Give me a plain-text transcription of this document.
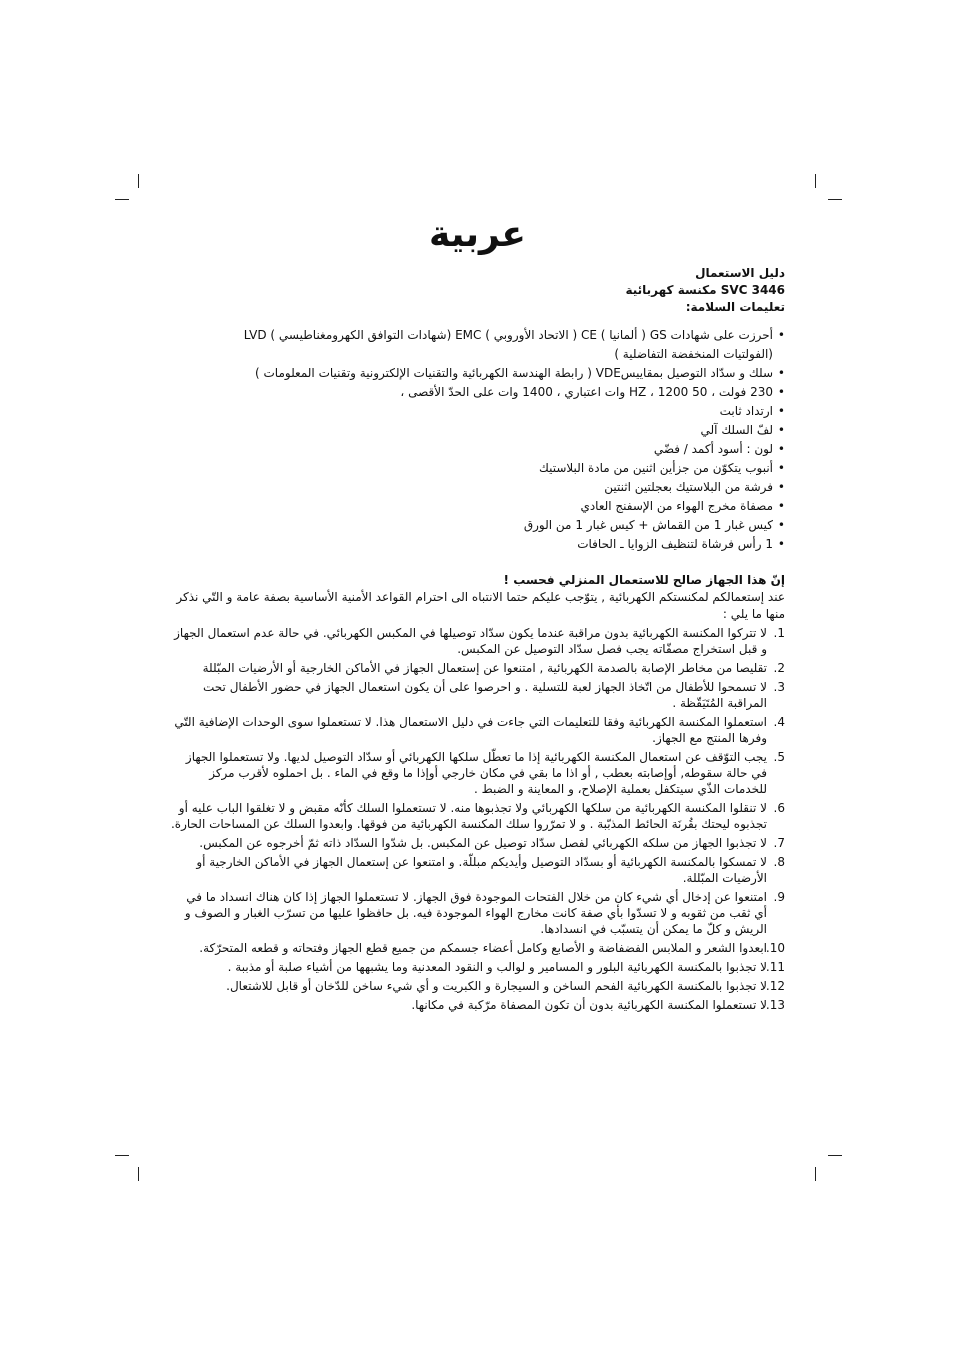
عربية

دليل الاستعمال

SVC 3446 مكنسة كهربائية

تعليمات السلامة:

• أحرزت على شهادات GS ( ألمانيا ) CE ( الاتحاد الأوروبي ) EMC (شهادات التوافق الكهرومغناطيسي ) LVD
(الفولتيات المنخفضة التفاضلية )
• سلك و سدّاد التوصيل بمقاييسVDE ( رابطة الهندسة الكهربائية والتقنيات الإلكترونية وتقنيات المعلومات )
• 230 فولت ، 50 HZ ، 1200 وات اعتباري ، 1400 وات على الحدّ الأقصى ،
• ارتداد ثابت
• لفّ السلك آلي
• لون : أسود أكمد / فضّي
• أنبوب يتكوّن من جزأين اثنين من مادة البلاستيك
• فرشة من البلاستيك بعجلتين اثنتين
• مصفاة مخرج الهواء من الإسفنج العادي
• كيس غبار 1 من القماش + كيس غبار 1 من الورق
• 1 رأس فرشاة لتنظيف الزوايا ـ الحافات

إنّ هذا الجهاز صالح للاستعمال المنزلي فحسب !

عند إستعمالكم لمكنستكم الكهربائية , يتوّجب عليكم حتما الانتباه الى احترام القواعد الأمنية الأساسية بصفة عامة و التّي نذكر منها ما يلي :

1.
لا تتركوا المكنسة الكهربائية بدون مراقبة عندما يكون سدّاد توصيلها في المكبس الكهربائي. في حالة عدم استعمال الجهاز و قبل استخراج مصفّاته يجب فصل سدّاد التوصيل عن المكبس.
2.
تقليصا من مخاطر الإصابة بالصدمة الكهربائية , امتنعوا عن إستعمال الجهاز في الأماكن الخارجية أو الأرضيات المبّللة
3.
لا تسمحوا للأطفال من اتّخاذ الجهاز لعبة للتسلية . و احرصوا على أن يكون استعمال الجهاز في حضور الأطفال تحت المراقبة المُتَيَقّظة .
4.
استعملوا المكنسة الكهربائية وفقا للتعليمات التي جاءت في دليل الاستعمال هذا. لا تستعملوا سوى الوحدات الإضافية التّي وفرها المنتج مع الجهاز.
5.
يجب التوّقف عن استعمال المكنسة الكهربائية إذا ما تعطّل سلكها الكهربائي أو سدّاد التوصيل لديها. ولا تستعملوا الجهاز في حالة سقوطه, أوإصابته بعطب , أو اذا ما بقي في مكان خارجي أوإذا ما وقع في الماء . بل احملوه لأقرب مركز للخدمات الذّي سيتكفل بعملية الإصلاح، و المعاينة و الضبط .
6.
لا تنقلوا المكنسة الكهربائية من سلكها الكهربائي ولا تجذبوها منه. لا تستعملوا السلك كأنّه مقبض و لا تغلقوا الباب عليه أو تجذبوه ليحتك بقُرنَة الحائط المذبّبة . و لا تمرّروا سلك المكنسة الكهربائية من فوقها. وابعدوا السلك عن المساحات الحارة.
7.
لا تجذبوا الجهاز من سلكه الكهربائي لفصل سدّاد توصيل عن المكبس. بل شدّوا السدّاد ذاته ثمّ أخرجوه عن المكبس.
8.
لا تمسكوا بالمكنسة الكهربائية أو بسدّاد التوصيل وأيديكم مبللّة. و امتنعوا عن إستعمال الجهاز في الأماكن الخارجية أو الأرضيات المبّللة.
9.
امتنعوا عن إدخال أي شيء كان من خلال الفتحات الموجودة فوق الجهاز. لا تستعملوا الجهاز إذا كان هناك انسداد ما في أي ثقب من ثقوبه و لا تسدّوا بأي صفة كانت مخارج الهواء الموجودة فيه. بل حافظوا عليها من تسرّب الغبار و الصوف و الريش و كلّ ما يمكن أن يتسبّب في انسدادها.
10.
ابعدوا الشعر و الملابس الفضفاضة و الأصابع وكامل أعضاء جسمكم من جميع قطع الجهاز وفتحاته و قطعه المتحرّكة.
11.
لا تجذبوا بالمكنسة الكهربائية البلور و المسامير و لوالب و النقود المعدنية وما يشبهها من أشياء صلبة أو مذببة .
12.
لا تجذبوا بالمكنسة الكهربائية الفحم الساخن و السيجارة و الكبريت و أي شيء ساخن للدّخان أو قابل للاشتعال.
13.
لا تستعملوا المكنسة الكهربائية بدون أن تكون المصفاة مرّكبة في مكانها.
